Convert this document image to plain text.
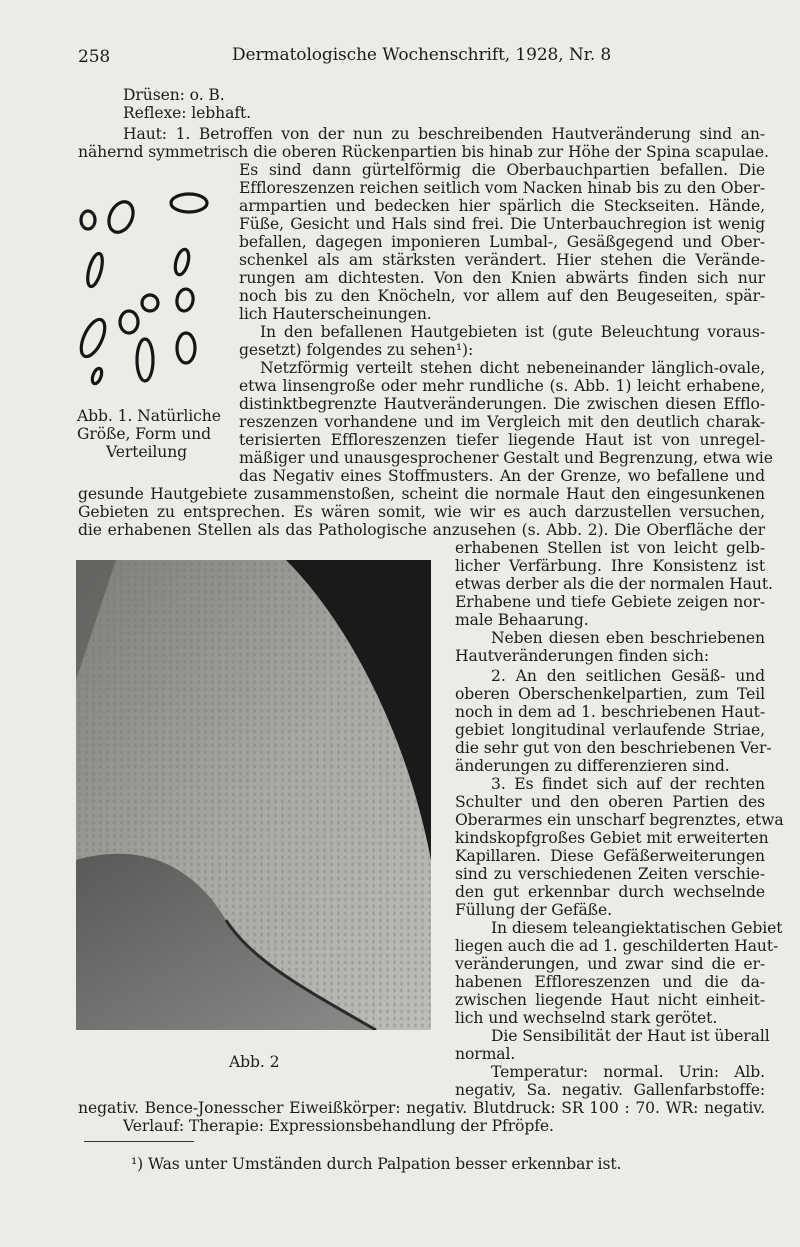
258	Dermatologische Wochenschrift, 1928, Nr. 8
Drüsen: o. B.
Reflexe: lebhaft.
Haut: 1. Betroffen von der nun zu beschreibenden Hautveränderung sind an-
nähernd symmetrisch die oberen Rückenpartien bis hinab zur Höhe der Spina scapulae.
Es sind dann gürtelförmig die Oberbauchpartien befallen. Die
Effloreszenzen reichen seitlich vom Nacken hinab bis zu den Ober-
armpartien und bedecken hier spärlich die Steckseiten. Hände,
Füße, Gesicht und Hals sind frei. Die Unterbauchregion ist wenig
befallen, dagegen imponieren Lumbal-, Gesäßgegend und Ober-
schenkel als am stärksten verändert. Hier stehen die Verände-
rungen am dichtesten. Von den Knien abwärts finden sich nur
noch bis zu den Knöcheln, vor allem auf den Beugeseiten, spär-
lich Hauterscheinungen.
In den befallenen Hautgebieten ist (gute Beleuchtung voraus-
gesetzt) folgendes zu sehen¹):
Netzförmig verteilt stehen dicht nebeneinander länglich-ovale,
etwa linsengroße oder mehr rundliche (s. Abb. 1) leicht erhabene,
distinktbegrenzte Hautveränderungen. Die zwischen diesen Efflo-
reszenzen vorhandene und im Vergleich mit den deutlich charak-
terisierten Effloreszenzen tiefer liegende Haut ist von unregel-
mäßiger und unausgesprochener Gestalt und Begrenzung, etwa wie
das Negativ eines Stoffmusters. An der Grenze, wo befallene und
Abb. 1. Natürliche
Größe, Form und
Verteilung
gesunde Hautgebiete zusammenstoßen, scheint die normale Haut den eingesunkenen
Gebieten zu entsprechen. Es wären somit, wie wir es auch darzustellen versuchen,
die erhabenen Stellen als das Pathologische anzusehen (s. Abb. 2). Die Oberfläche der
erhabenen Stellen ist von leicht gelb-
licher Verfärbung. Ihre Konsistenz ist
etwas derber als die der normalen Haut.
Erhabene und tiefe Gebiete zeigen nor-
male Behaarung.
Neben diesen eben beschriebenen
Hautveränderungen finden sich:
2. An den seitlichen Gesäß- und
oberen Oberschenkelpartien, zum Teil
noch in dem ad 1. beschriebenen Haut-
gebiet longitudinal verlaufende Striae,
die sehr gut von den beschriebenen Ver-
änderungen zu differenzieren sind.
3. Es findet sich auf der rechten
Schulter und den oberen Partien des
Oberarmes ein unscharf begrenztes, etwa
kindskopfgroßes Gebiet mit erweiterten
Kapillaren. Diese Gefäßerweiterungen
sind zu verschiedenen Zeiten verschie-
den gut erkennbar durch wechselnde
Füllung der Gefäße.
In diesem teleangiektatischen Gebiet
liegen auch die ad 1. geschilderten Haut-
veränderungen, und zwar sind die er-
habenen Effloreszenzen und die da-
zwischen liegende Haut nicht einheit-
lich und wechselnd stark gerötet.
Die Sensibilität der Haut ist überall
normal.
Temperatur: normal. Urin: Alb.
negativ, Sa. negativ. Gallenfarbstoffe:
Abb. 2
negativ. Bence-Jonesscher Eiweißkörper: negativ. Blutdruck: SR 100 : 70. WR: negativ.
Verlauf: Therapie: Expressionsbehandlung der Pfröpfe.
¹) Was unter Umständen durch Palpation besser erkennbar ist.
